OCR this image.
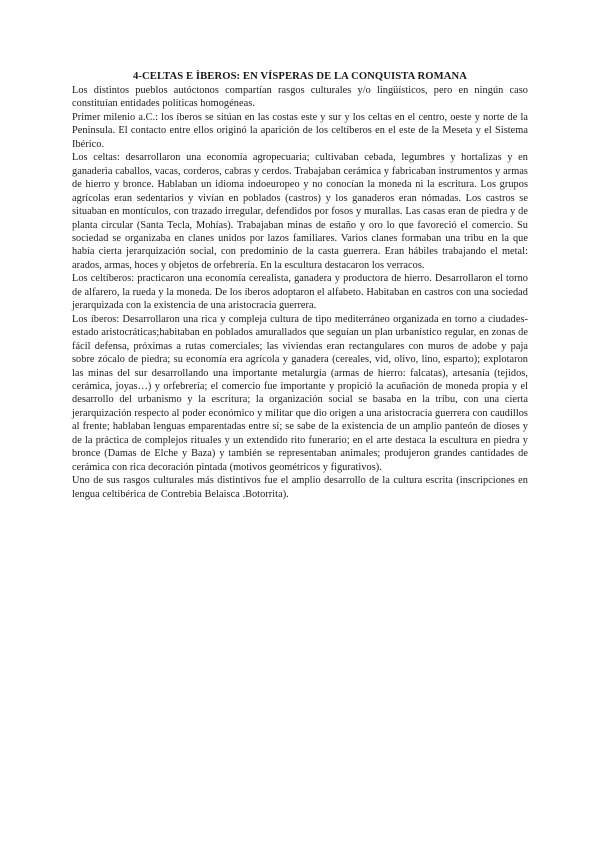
4-CELTAS E ÌBEROS: EN VÍSPERAS DE LA CONQUISTA ROMANA

Los distintos pueblos autóctonos compartían rasgos culturales y/o lingüísticos, pero en ningún caso constituían entidades políticas homogéneas.

Primer milenio a.C.: los íberos se sitúan en las costas este y sur y los celtas en el centro, oeste y norte de la Penìnsula. El contacto entre ellos originó la aparición de los celtíberos en el este de la Meseta y el Sistema Ibérico.

Los celtas: desarrollaron una economía agropecuaria; cultivaban cebada, legumbres y hortalizas y en ganaderìa caballos, vacas, corderos, cabras y cerdos. Trabajaban cerámica y fabricaban instrumentos y armas de hierro y bronce. Hablaban un idioma indoeuropeo y no conocían la moneda ni la escritura. Los grupos agrícolas eran sedentarios y vivían en poblados (castros) y los ganaderos eran nómadas. Los castros se situaban en montículos, con trazado irregular, defendidos por fosos y murallas. Las casas eran de piedra y de planta circular (Santa Tecla, Mohías). Trabajaban minas de estaño y oro lo que favoreció el comercio. Su sociedad se organizaba en clanes unidos por lazos familiares. Varios clanes formaban una tribu en la que había cierta jerarquización social, con predominio de la casta guerrera. Eran hábiles trabajando el metal: arados, armas, hoces y objetos de orfebrería. En la escultura destacaron los verracos.

Los celtíberos: practicaron una economía cerealista, ganadera y productora de hierro. Desarrollaron el torno de alfarero, la rueda y la moneda. De los íberos adoptaron el alfabeto. Habitaban en castros con una sociedad jerarquizada con la existencia de una aristocracia guerrera.

Los íberos: Desarrollaron una rica y compleja cultura de tipo mediterráneo organizada en torno a ciudades-estado aristocráticas;habitaban en poblados amurallados que seguían un plan urbanístico regular, en zonas de fácil defensa, próximas a rutas comerciales; las viviendas eran rectangulares con muros de adobe y paja sobre zócalo de piedra; su economía era agrícola y ganadera (cereales, vid, olivo, lino, esparto); explotaron las minas del sur desarrollando una importante metalurgia (armas de hierro: falcatas), artesanía (tejidos, cerámica, joyas…) y orfebrería; el comercio fue importante y propició la acuñación de moneda propia y el desarrollo del urbanismo y la escritura; la organización social se basaba en la tribu, con una cierta jerarquización respecto al poder económico y militar que dio origen a una aristocracia guerrera con caudillos al frente; hablaban lenguas emparentadas entre sí; se sabe de la existencia de un amplio panteón de dioses y de la práctica de complejos rituales y un extendido rito funerario; en el arte destaca la escultura en piedra y bronce (Damas de Elche y Baza) y también se representaban animales; produjeron grandes cantidades de cerámica con rica decoración pintada (motivos geométricos y figurativos).

Uno de sus rasgos culturales más distintivos fue el amplio desarrollo de la cultura escrita (inscripciones en lengua celtibérica de Contrebia Belaisca .Botorrita).
